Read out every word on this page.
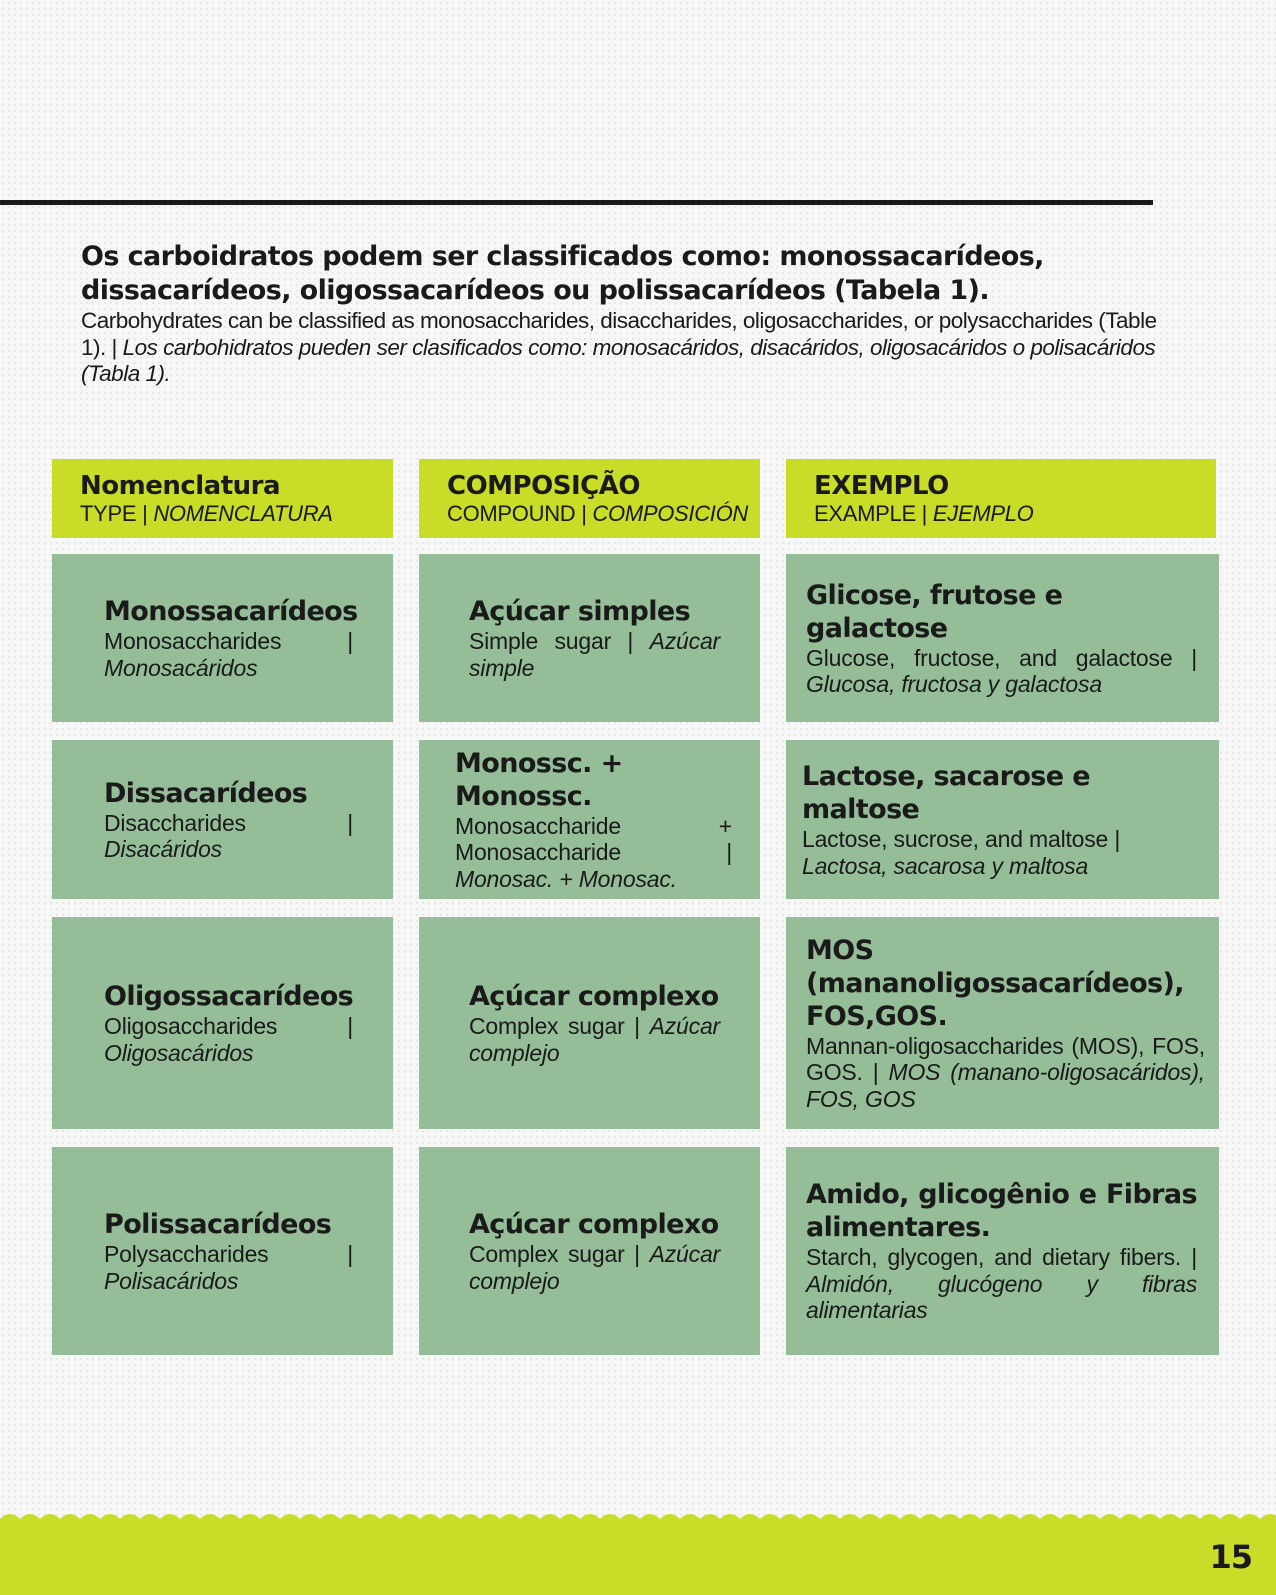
Os carboidratos podem ser classificados como: monossacarídeos, dissacarídeos, oligossacarídeos ou polissacarídeos (Tabela 1).
Carbohydrates can be classified as monosaccharides, disaccharides, oligosaccharides, or polysaccharides (Table 1). | Los carbohidratos pueden ser clasificados como: monosacáridos, disacáridos, oligosacáridos o polisacáridos (Tabla 1).
Nomenclatura
TYPE | NOMENCLATURA
COMPOSIÇÃO
COMPOUND | COMPOSICIÓN
EXEMPLO
EXAMPLE | EJEMPLO
Monossacarídeos
Monosaccharides | Monosacáridos
Açúcar simples
Simple sugar | Azúcar simple
Glicose, frutose e galactose
Glucose, fructose, and galactose | Glucosa, fructosa y galactosa
Dissacarídeos
Disaccharides | Disacáridos
Monossc. + Monossc.
Monosaccharide + Monosaccharide | Monosac. + Monosac.
Lactose, sacarose e maltose
Lactose, sucrose, and maltose | Lactosa, sacarosa y maltosa
Oligossacarídeos
Oligosaccharides | Oligosacáridos
Açúcar complexo
Complex sugar | Azúcar complejo
MOS (mananoligossacarídeos), FOS,GOS.
Mannan-oligosaccharides (MOS), FOS, GOS. | MOS (manano-oligosacáridos), FOS, GOS
Polissacarídeos
Polysaccharides | Polisacáridos
Açúcar complexo
Complex sugar | Azúcar complejo
Amido, glicogênio e Fibras alimentares.
Starch, glycogen, and dietary fibers. | Almidón, glucógeno y fibras alimentarias
15
